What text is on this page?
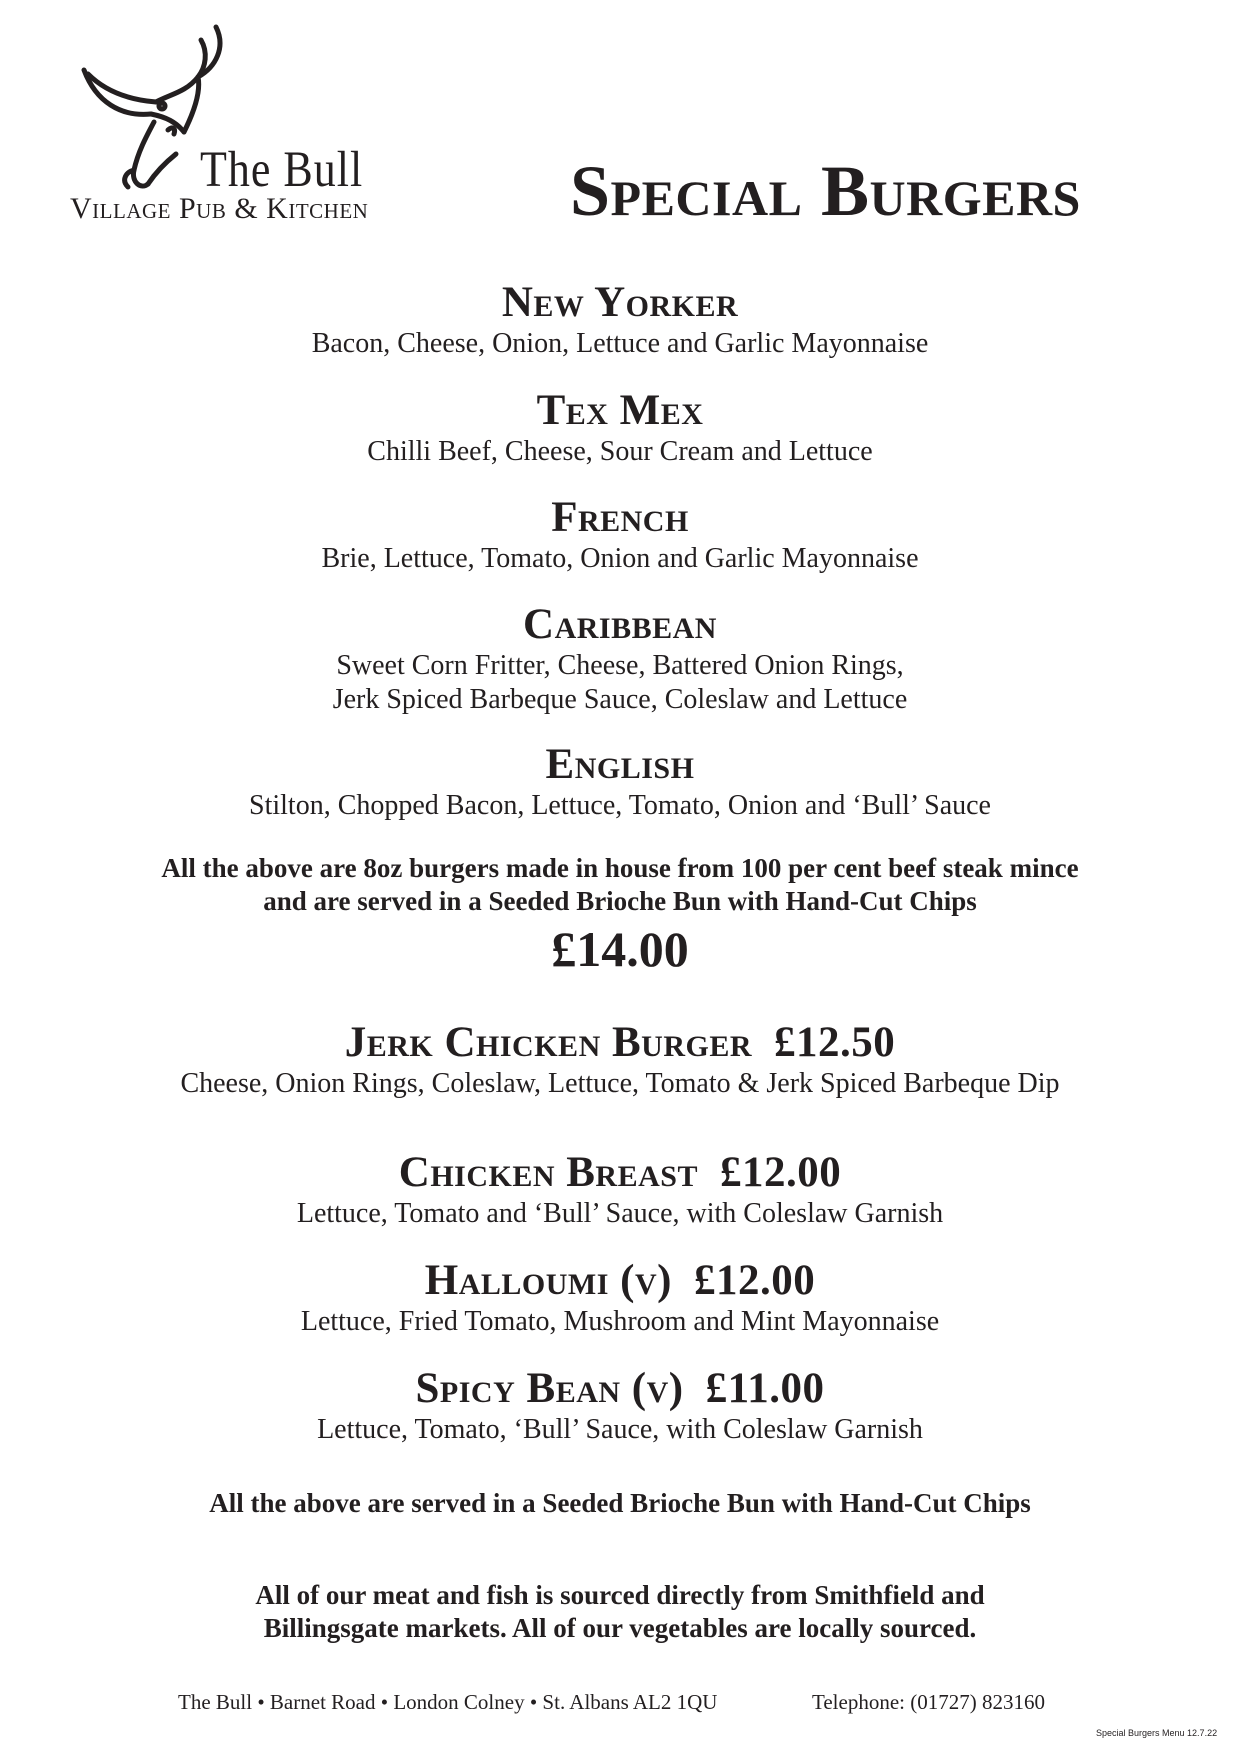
The Bull
Village Pub & Kitchen	Special Burgers
New Yorker
Bacon, Cheese, Onion, Lettuce and Garlic Mayonnaise
Tex Mex
Chilli Beef, Cheese, Sour Cream and Lettuce
French
Brie, Lettuce, Tomato, Onion and Garlic Mayonnaise
Caribbean
Sweet Corn Fritter, Cheese, Battered Onion Rings,
Jerk Spiced Barbeque Sauce, Coleslaw and Lettuce
English
Stilton, Chopped Bacon, Lettuce, Tomato, Onion and ‘Bull’ Sauce
All the above are 8oz burgers made in house from 100 per cent beef steak mince
and are served in a Seeded Brioche Bun with Hand-Cut Chips
£14.00
Jerk Chicken Burger £12.50
Cheese, Onion Rings, Coleslaw, Lettuce, Tomato & Jerk Spiced Barbeque Dip
Chicken Breast £12.00
Lettuce, Tomato and ‘Bull’ Sauce, with Coleslaw Garnish
Halloumi (v) £12.00
Lettuce, Fried Tomato, Mushroom and Mint Mayonnaise
Spicy Bean (v) £11.00
Lettuce, Tomato, ‘Bull’ Sauce, with Coleslaw Garnish
All the above are served in a Seeded Brioche Bun with Hand-Cut Chips
All of our meat and fish is sourced directly from Smithfield and
Billingsgate markets. All of our vegetables are locally sourced.
The Bull • Barnet Road • London Colney • St. Albans AL2 1QU	Telephone: (01727) 823160
Special Burgers Menu 12.7.22
